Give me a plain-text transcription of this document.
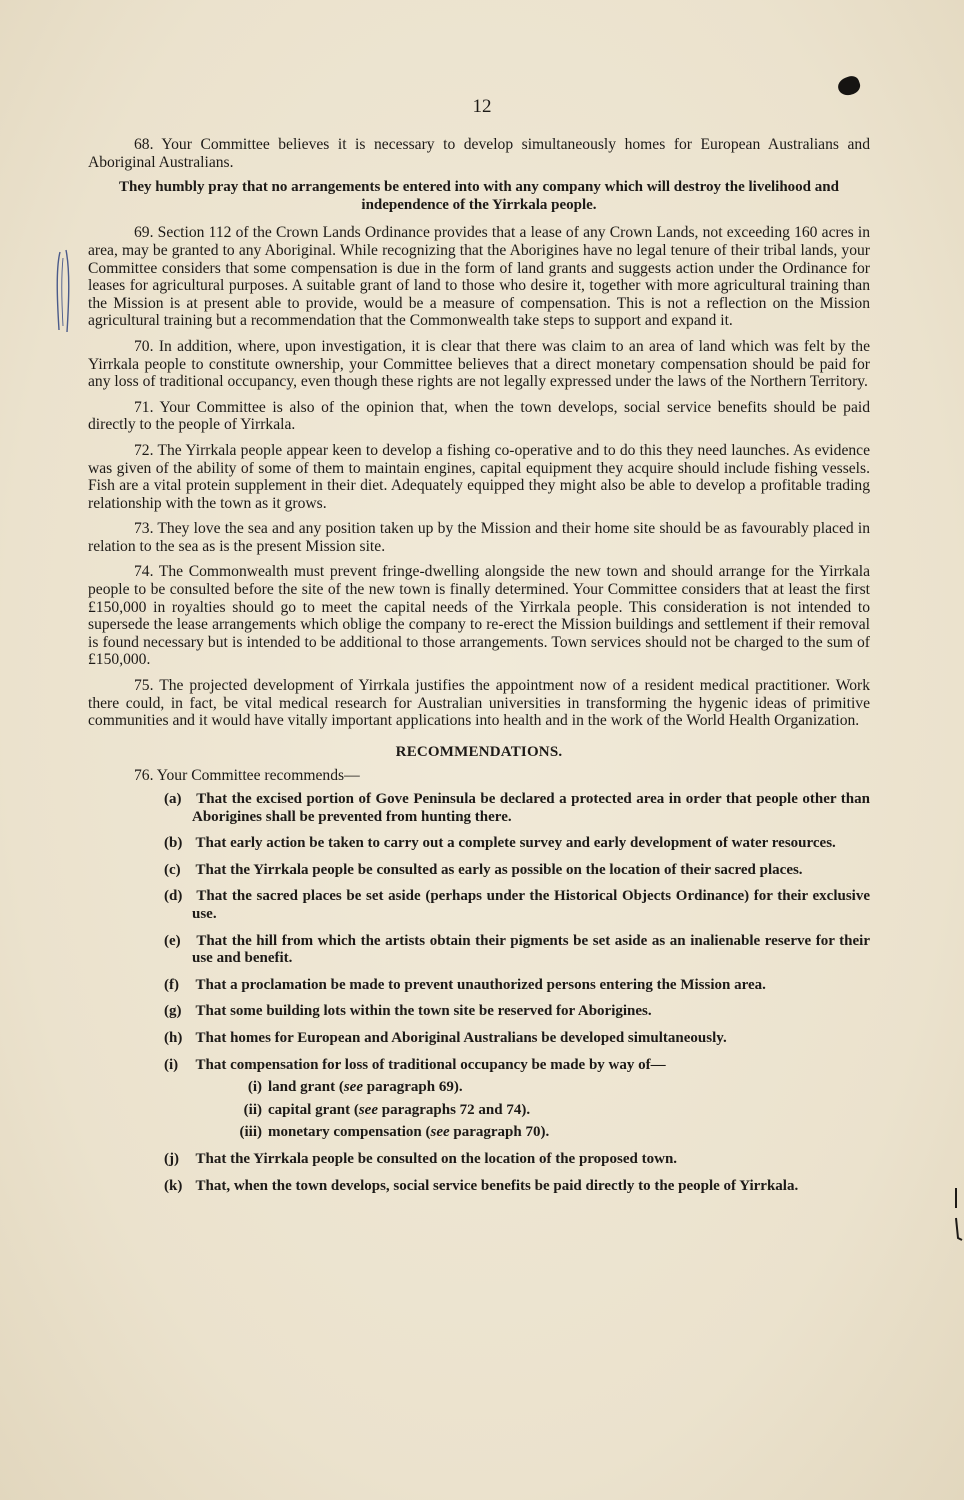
12

68. Your Committee believes it is necessary to develop simultaneously homes for European Australians and Aboriginal Australians.

They humbly pray that no arrangements be entered into with any company which will destroy the livelihood and independence of the Yirrkala people.

69. Section 112 of the Crown Lands Ordinance provides that a lease of any Crown Lands, not exceeding 160 acres in area, may be granted to any Aboriginal. While recognizing that the Aborigines have no legal tenure of their tribal lands, your Committee considers that some compensation is due in the form of land grants and suggests action under the Ordinance for leases for agricultural purposes. A suitable grant of land to those who desire it, together with more agricultural training than the Mission is at present able to provide, would be a measure of compensation. This is not a reflection on the Mission agricultural training but a recommendation that the Commonwealth take steps to support and expand it.

70. In addition, where, upon investigation, it is clear that there was claim to an area of land which was felt by the Yirrkala people to constitute ownership, your Committee believes that a direct monetary compensation should be paid for any loss of traditional occupancy, even though these rights are not legally expressed under the laws of the Northern Territory.

71. Your Committee is also of the opinion that, when the town develops, social service benefits should be paid directly to the people of Yirrkala.

72. The Yirrkala people appear keen to develop a fishing co-operative and to do this they need launches. As evidence was given of the ability of some of them to maintain engines, capital equipment they acquire should include fishing vessels. Fish are a vital protein supplement in their diet. Adequately equipped they might also be able to develop a profitable trading relationship with the town as it grows.

73. They love the sea and any position taken up by the Mission and their home site should be as favourably placed in relation to the sea as is the present Mission site.

74. The Commonwealth must prevent fringe-dwelling alongside the new town and should arrange for the Yirrkala people to be consulted before the site of the new town is finally determined. Your Committee considers that at least the first £150,000 in royalties should go to meet the capital needs of the Yirrkala people. This consideration is not intended to supersede the lease arrangements which oblige the company to re-erect the Mission buildings and settlement if their removal is found necessary but is intended to be additional to those arrangements. Town services should not be charged to the sum of £150,000.

75. The projected development of Yirrkala justifies the appointment now of a resident medical practitioner. Work there could, in fact, be vital medical research for Australian universities in transforming the hygenic ideas of primitive communities and it would have vitally important applications into health and in the work of the World Health Organization.

RECOMMENDATIONS.

76. Your Committee recommends—

(a) That the excised portion of Gove Peninsula be declared a protected area in order that people other than Aborigines shall be prevented from hunting there.
(b) That early action be taken to carry out a complete survey and early development of water resources.
(c) That the Yirrkala people be consulted as early as possible on the location of their sacred places.
(d) That the sacred places be set aside (perhaps under the Historical Objects Ordinance) for their exclusive use.
(e) That the hill from which the artists obtain their pigments be set aside as an inalienable reserve for their use and benefit.
(f) That a proclamation be made to prevent unauthorized persons entering the Mission area.
(g) That some building lots within the town site be reserved for Aborigines.
(h) That homes for European and Aboriginal Australians be developed simultaneously.
(i) That compensation for loss of traditional occupancy be made by way of—
(i) land grant (see paragraph 69).
(ii) capital grant (see paragraphs 72 and 74).
(iii) monetary compensation (see paragraph 70).
(j) That the Yirrkala people be consulted on the location of the proposed town.
(k) That, when the town develops, social service benefits be paid directly to the people of Yirrkala.
